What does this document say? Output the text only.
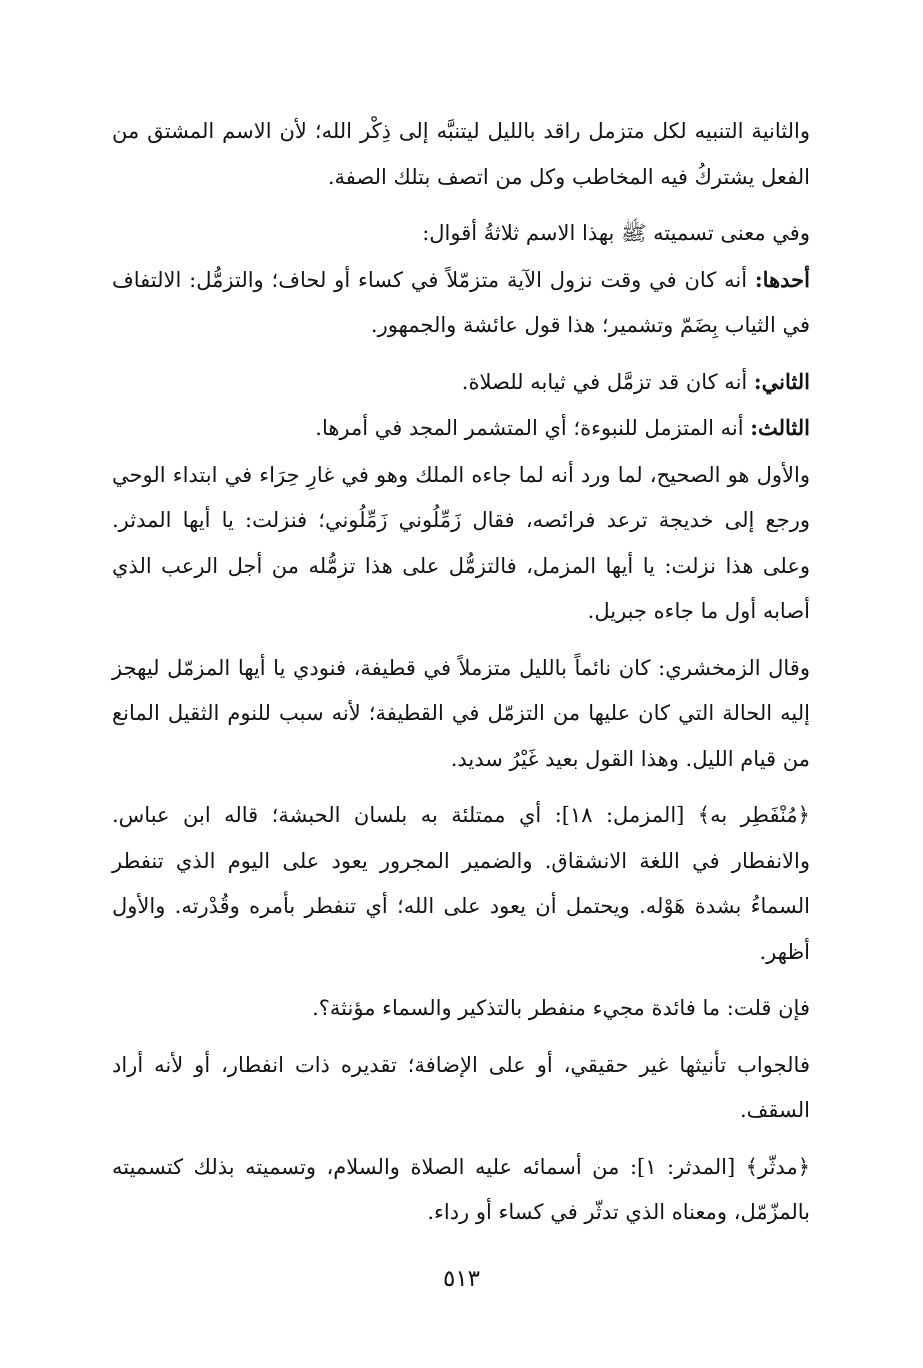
والثانية التنبيه لكل متزمل راقد بالليل ليتنبَّه إلى ذِكْر الله؛ لأن الاسم المشتق من الفعل يشتركُ فيه المخاطب وكل من اتصف بتلك الصفة.

وفي معنى تسميته ﷺ بهذا الاسم ثلاثةُ أقوال:

أحدها: أنه كان في وقت نزول الآية متزمّلاً في كساء أو لحاف؛ والتزمُّل: الالتفاف في الثياب بِضَمّ وتشمير؛ هذا قول عائشة والجمهور.

الثاني: أنه كان قد تزمَّل في ثيابه للصلاة.

الثالث: أنه المتزمل للنبوءة؛ أي المتشمر المجد في أمرها.

والأول هو الصحيح، لما ورد أنه لما جاءه الملك وهو في غارِ حِرَاء في ابتداء الوحي ورجع إلى خديجة ترعد فرائصه، فقال زَمِّلُوني زَمِّلُوني؛ فنزلت: يا أيها المدثر. وعلى هذا نزلت: يا أيها المزمل، فالتزمُّل على هذا تزمُّله من أجل الرعب الذي أصابه أول ما جاءه جبريل.

وقال الزمخشري: كان نائماً بالليل متزملاً في قطيفة، فنودي يا أيها المزمّل ليهجز إليه الحالة التي كان عليها من التزمّل في القطيفة؛ لأنه سبب للنوم الثقيل المانع من قيام الليل. وهذا القول بعيد غَيْرُ سديد.

﴿مُنْفَطِر به﴾ [المزمل: ١٨]: أي ممتلئة به بلسان الحبشة؛ قاله ابن عباس. والانفطار في اللغة الانشقاق. والضمير المجرور يعود على اليوم الذي تنفطر السماءُ بشدة هَوْله. ويحتمل أن يعود على الله؛ أي تنفطر بأمره وقُدْرته. والأول أظهر.

فإن قلت: ما فائدة مجيء منفطر بالتذكير والسماء مؤنثة؟.

فالجواب تأنيثها غير حقيقي، أو على الإضافة؛ تقديره ذات انفطار، أو لأنه أراد السقف.

﴿مدثّر﴾ [المدثر: ١]: من أسمائه عليه الصلاة والسلام، وتسميته بذلك كتسميته بالمزّمّل، ومعناه الذي تدثّر في كساء أو رداء.

٥١٣
